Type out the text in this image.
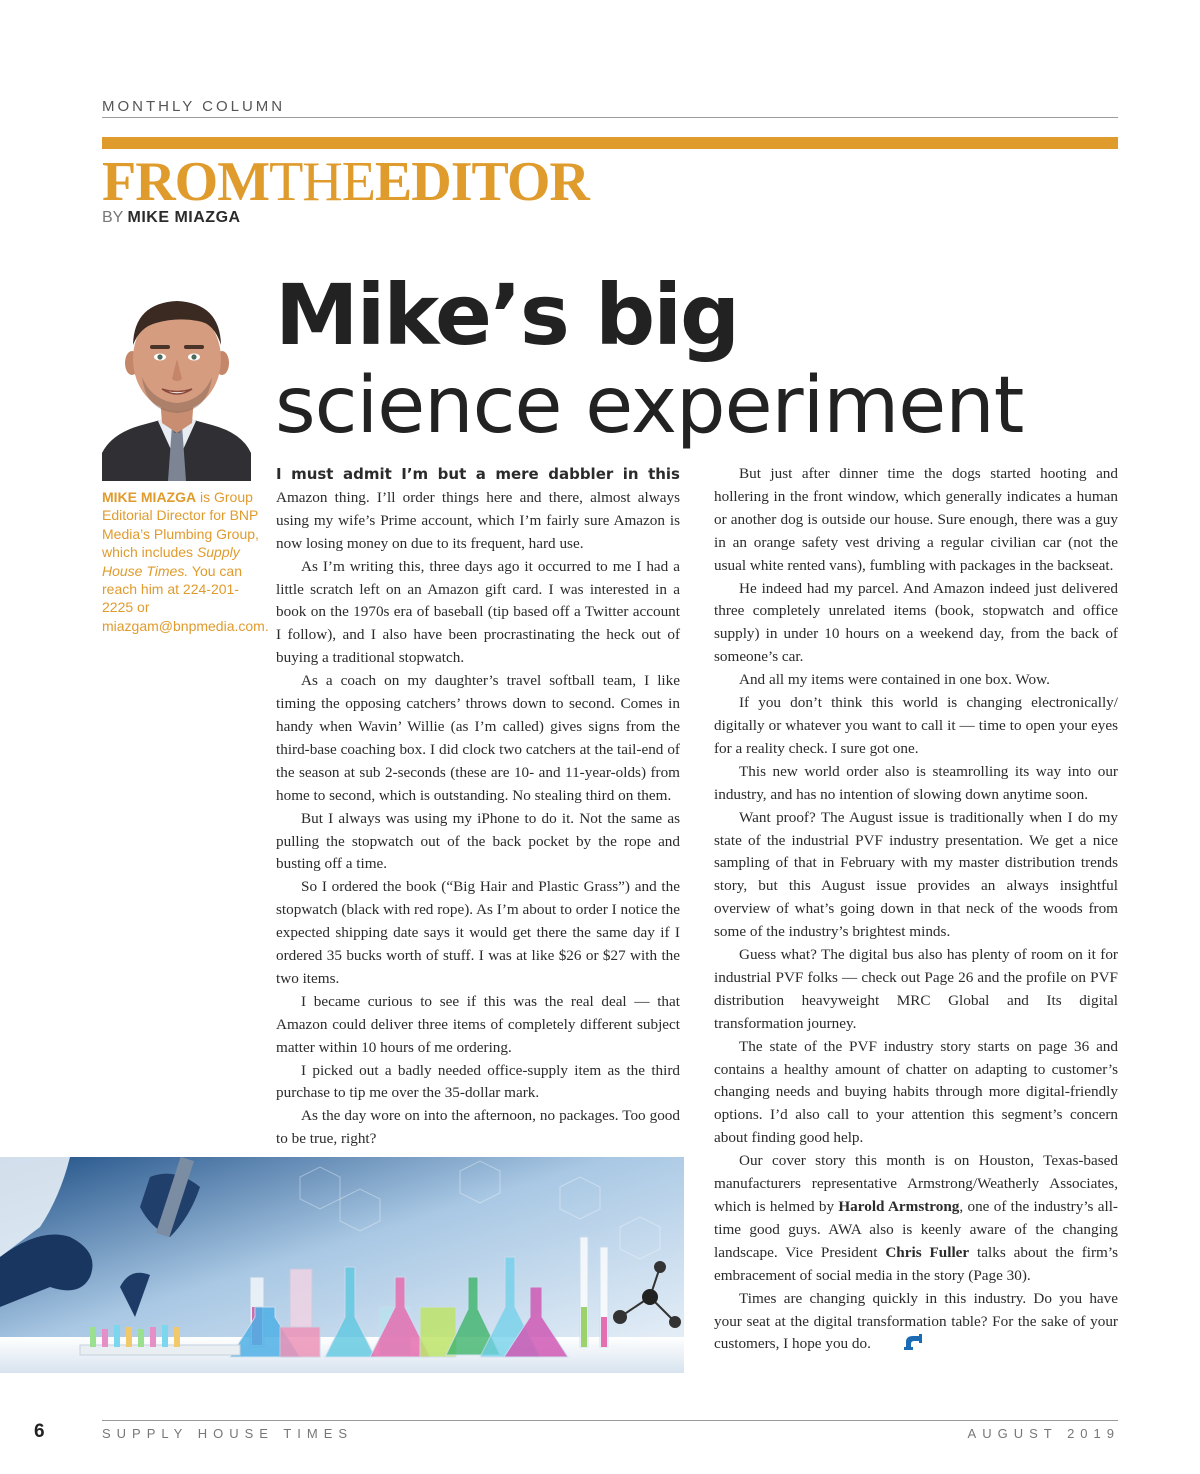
MONTHLY COLUMN
FROMTHEEDITOR
BY MIKE MIAZGA
MIKE MIAZGA is Group Editorial Director for BNP Media’s Plumbing Group, which includes Supply House Times. You can reach him at 224-201-2225 or miazgam@bnpmedia.com.
Mike’s big
science experiment

I must admit I’m but a mere dabbler in this Amazon thing. I’ll order things here and there, almost always using my wife’s Prime account, which I’m fairly sure Amazon is now losing money on due to its frequent, hard use.

As I’m writing this, three days ago it occurred to me I had a little scratch left on an Amazon gift card. I was interested in a book on the 1970s era of baseball (tip based off a Twitter account I follow), and I also have been procrastinating the heck out of buying a traditional stopwatch.

As a coach on my daughter’s travel softball team, I like timing the opposing catchers’ throws down to second. Comes in handy when Wavin’ Willie (as I’m called) gives signs from the third-base coaching box. I did clock two catchers at the tail-end of the season at sub 2-seconds (these are 10- and 11-year-olds) from home to second, which is outstanding. No stealing third on them.

But I always was using my iPhone to do it. Not the same as pulling the stopwatch out of the back pocket by the rope and busting off a time.

So I ordered the book (“Big Hair and Plastic Grass”) and the stopwatch (black with red rope). As I’m about to order I notice the expected shipping date says it would get there the same day if I ordered 35 bucks worth of stuff. I was at like $26 or $27 with the two items.

I became curious to see if this was the real deal — that Amazon could deliver three items of completely different subject matter within 10 hours of me ordering.

I picked out a badly needed office-supply item as the third purchase to tip me over the 35-dollar mark.

As the day wore on into the afternoon, no packages. Too good to be true, right?

But just after dinner time the dogs started hooting and hollering in the front window, which generally indicates a human or another dog is outside our house. Sure enough, there was a guy in an orange safety vest driving a regular civilian car (not the usual white rented vans), fumbling with packages in the backseat.

He indeed had my parcel. And Amazon indeed just delivered three completely unrelated items (book, stopwatch and office supply) in under 10 hours on a weekend day, from the back of someone’s car.

And all my items were contained in one box. Wow.

If you don’t think this world is changing electronically/ digitally or whatever you want to call it — time to open your eyes for a reality check. I sure got one.

This new world order also is steamrolling its way into our industry, and has no intention of slowing down anytime soon.

Want proof? The August issue is traditionally when I do my state of the industrial PVF industry presentation. We get a nice sampling of that in February with my master distribution trends story, but this August issue provides an always insightful overview of what’s going down in that neck of the woods from some of the industry’s brightest minds.

Guess what? The digital bus also has plenty of room on it for industrial PVF folks — check out Page 26 and the profile on PVF distribution heavyweight MRC Global and Its digital transformation journey.

The state of the PVF industry story starts on page 36 and contains a healthy amount of chatter on adapting to customer’s changing needs and buying habits through more digital-friendly options. I’d also call to your attention this segment’s concern about finding good help.

Our cover story this month is on Houston, Texas-based manufacturers representative Armstrong/Weatherly Associates, which is helmed by Harold Armstrong, one of the industry’s all-time good guys. AWA also is keenly aware of the changing landscape. Vice President Chris Fuller talks about the firm’s embracement of social media in the story (Page 30).

Times are changing quickly in this industry. Do you have your seat at the digital transformation table? For the sake of your customers, I hope you do.

6	SUPPLY HOUSE TIMES	AUGUST 2019
